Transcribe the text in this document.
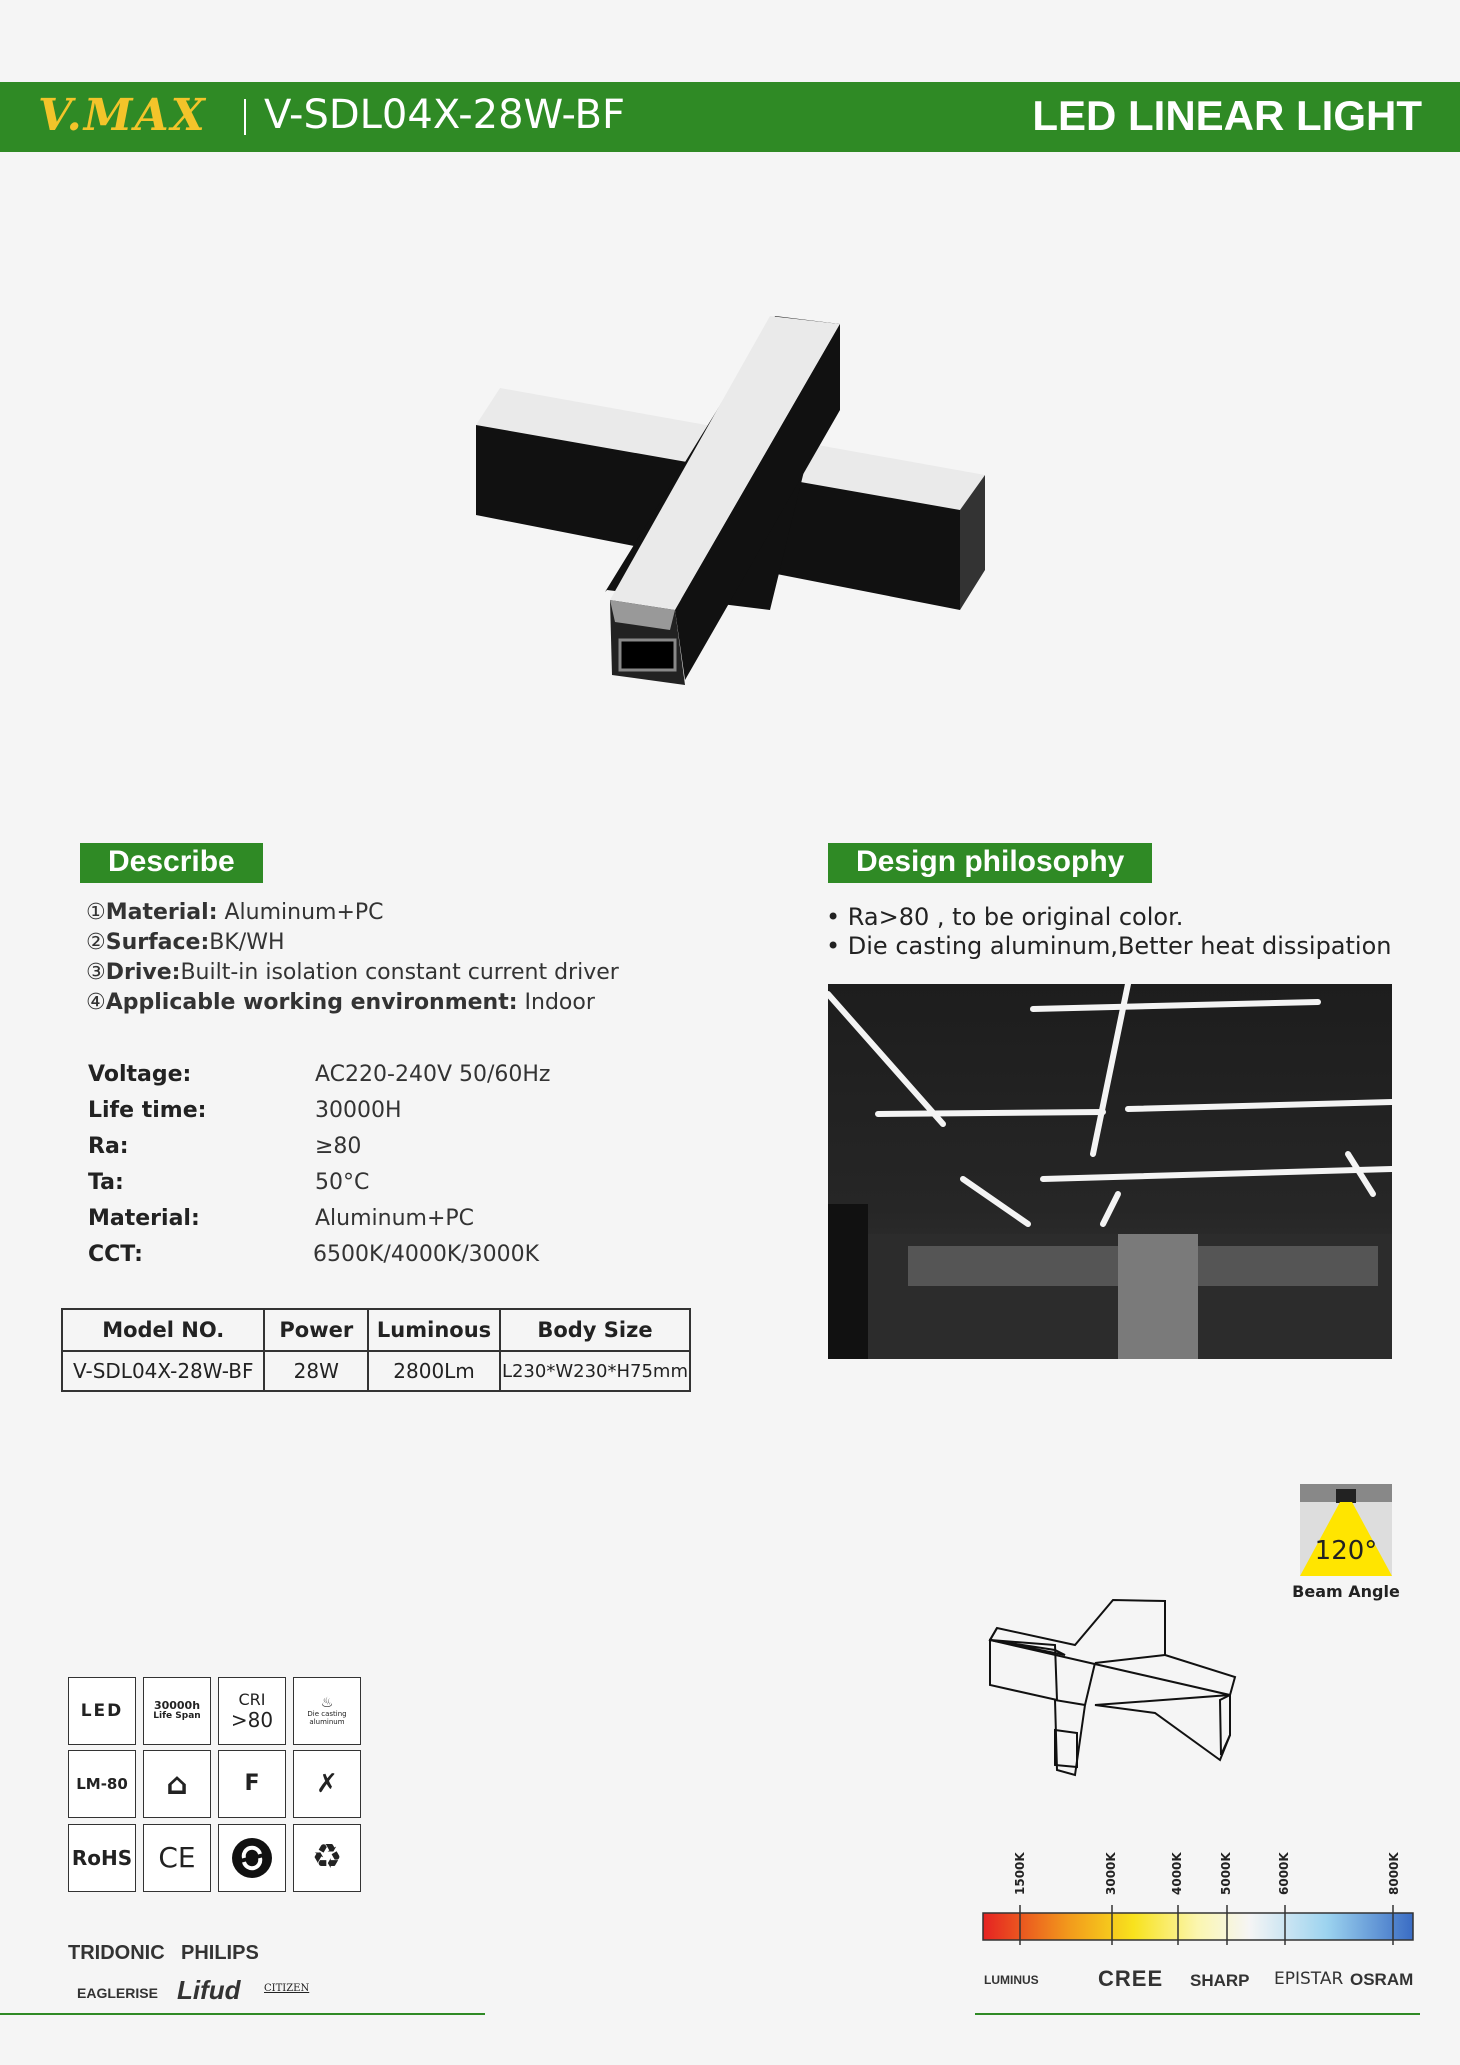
V.MAX V-SDL04X-28W-BF	LED LINEAR LIGHT
Describe
①Material: Aluminum+PC
②Surface:BK/WH
③Drive:Built-in isolation constant current driver
④Applicable working environment: Indoor
Voltage:	AC220-240V 50/60Hz
Life time:	30000H
Ra:	≥80
Ta:	50°C
Material:	Aluminum+PC
CCT:	6500K/4000K/3000K
Model NO.	Power	Luminous	Body Size
V-SDL04X-28W-BF	28W	2800Lm	L230*W230*H75mm
Design philosophy
• Ra>80 , to be original color.
• Die casting aluminum,Better heat dissipation
120°
Beam Angle
LED	30000h
Life Span
CRI
>80
♨
Die casting aluminum
LM-80	⌂	F	✗
RoHS CE	♻
TRIDONIC PHILIPS
EAGLERISE Lifud CITIZEN
1500K	3000K	4000K	5000K	6000K	8000K
LUMINUS	CREE SHARP EPISTAR OSRAM
